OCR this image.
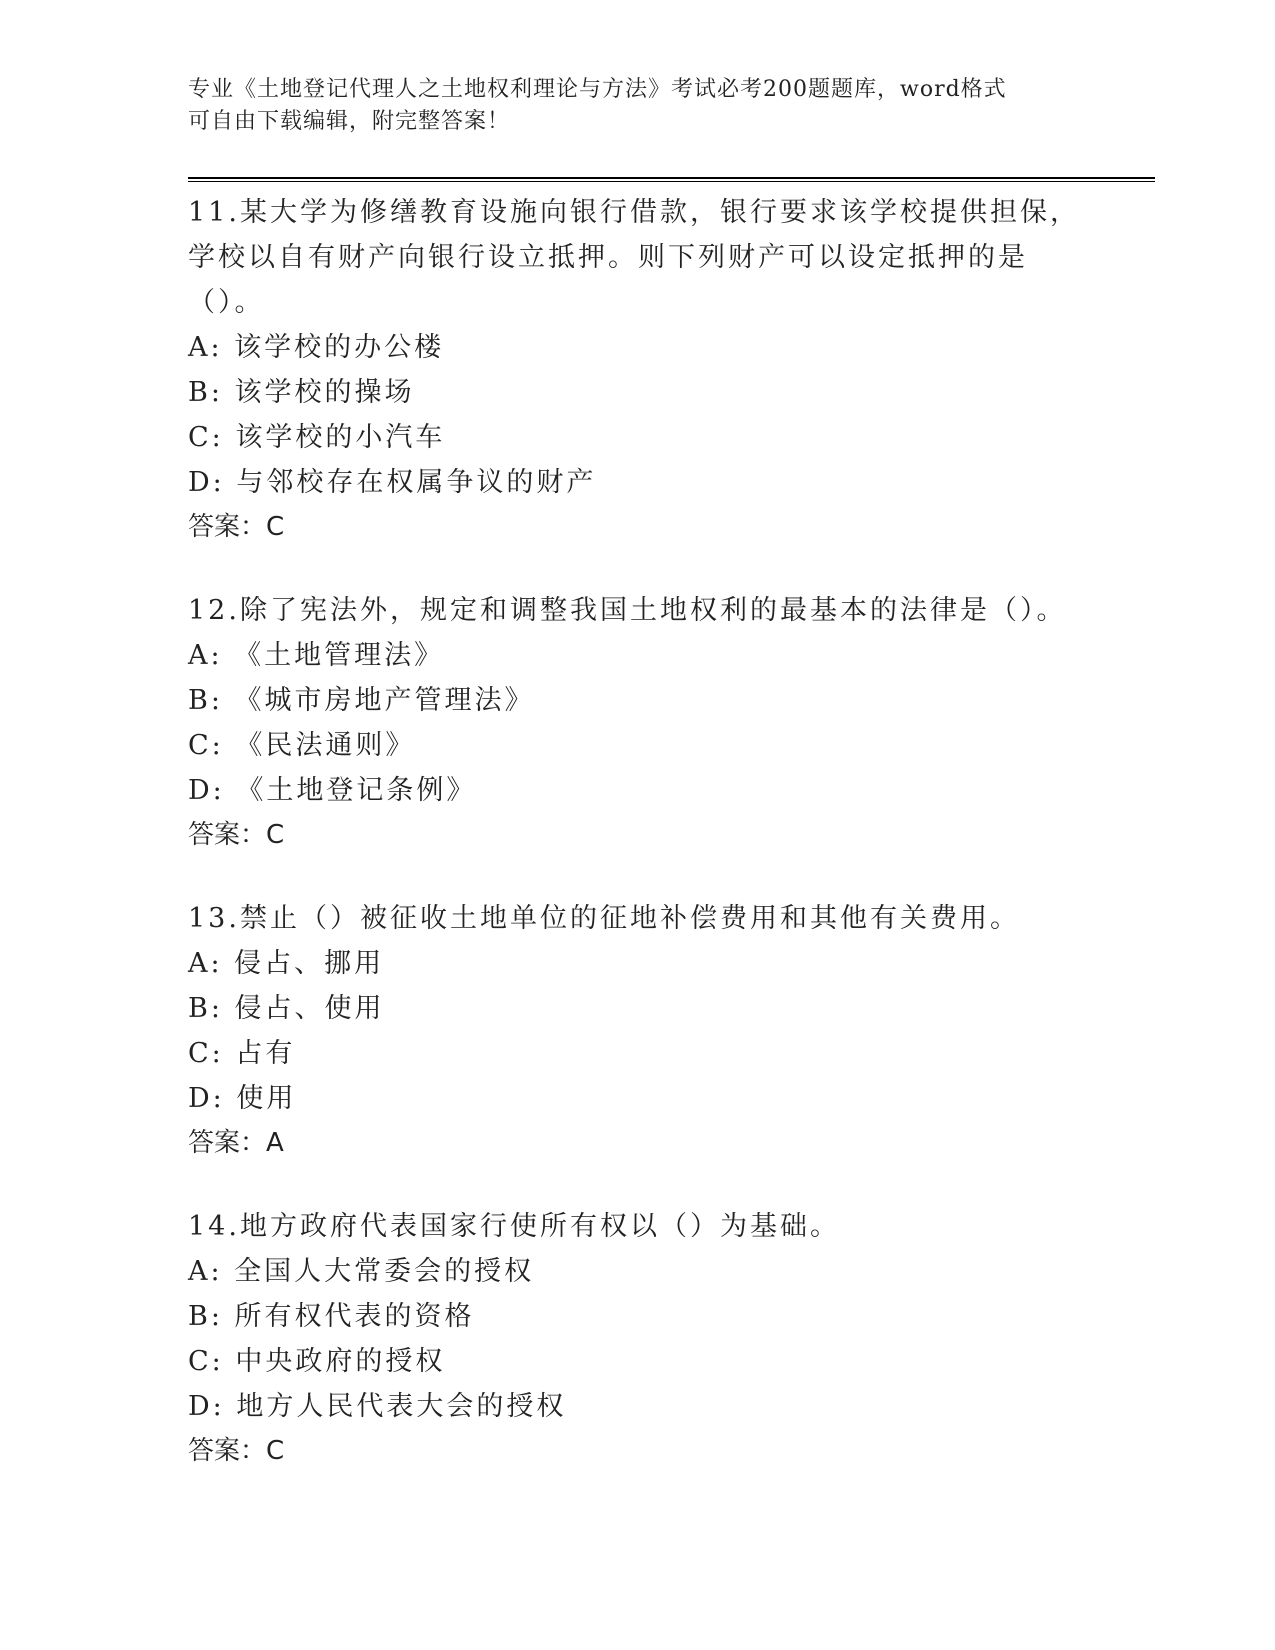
专业《土地登记代理人之土地权利理论与方法》考试必考200题题库，word格式
可自由下载编辑，附完整答案！

11.某大学为修缮教育设施向银行借款，银行要求该学校提供担保，学校以自有财产向银行设立抵押。则下列财产可以设定抵押的是（）。

A: 该学校的办公楼

B: 该学校的操场

C: 该学校的小汽车

D: 与邻校存在权属争议的财产

答案：C

12.除了宪法外，规定和调整我国土地权利的最基本的法律是（）。

A: 《土地管理法》

B: 《城市房地产管理法》

C: 《民法通则》

D: 《土地登记条例》

答案：C

13.禁止（）被征收土地单位的征地补偿费用和其他有关费用。

A: 侵占、挪用

B: 侵占、使用

C: 占有

D: 使用

答案：A

14.地方政府代表国家行使所有权以（）为基础。

A: 全国人大常委会的授权

B: 所有权代表的资格

C: 中央政府的授权

D: 地方人民代表大会的授权

答案：C
